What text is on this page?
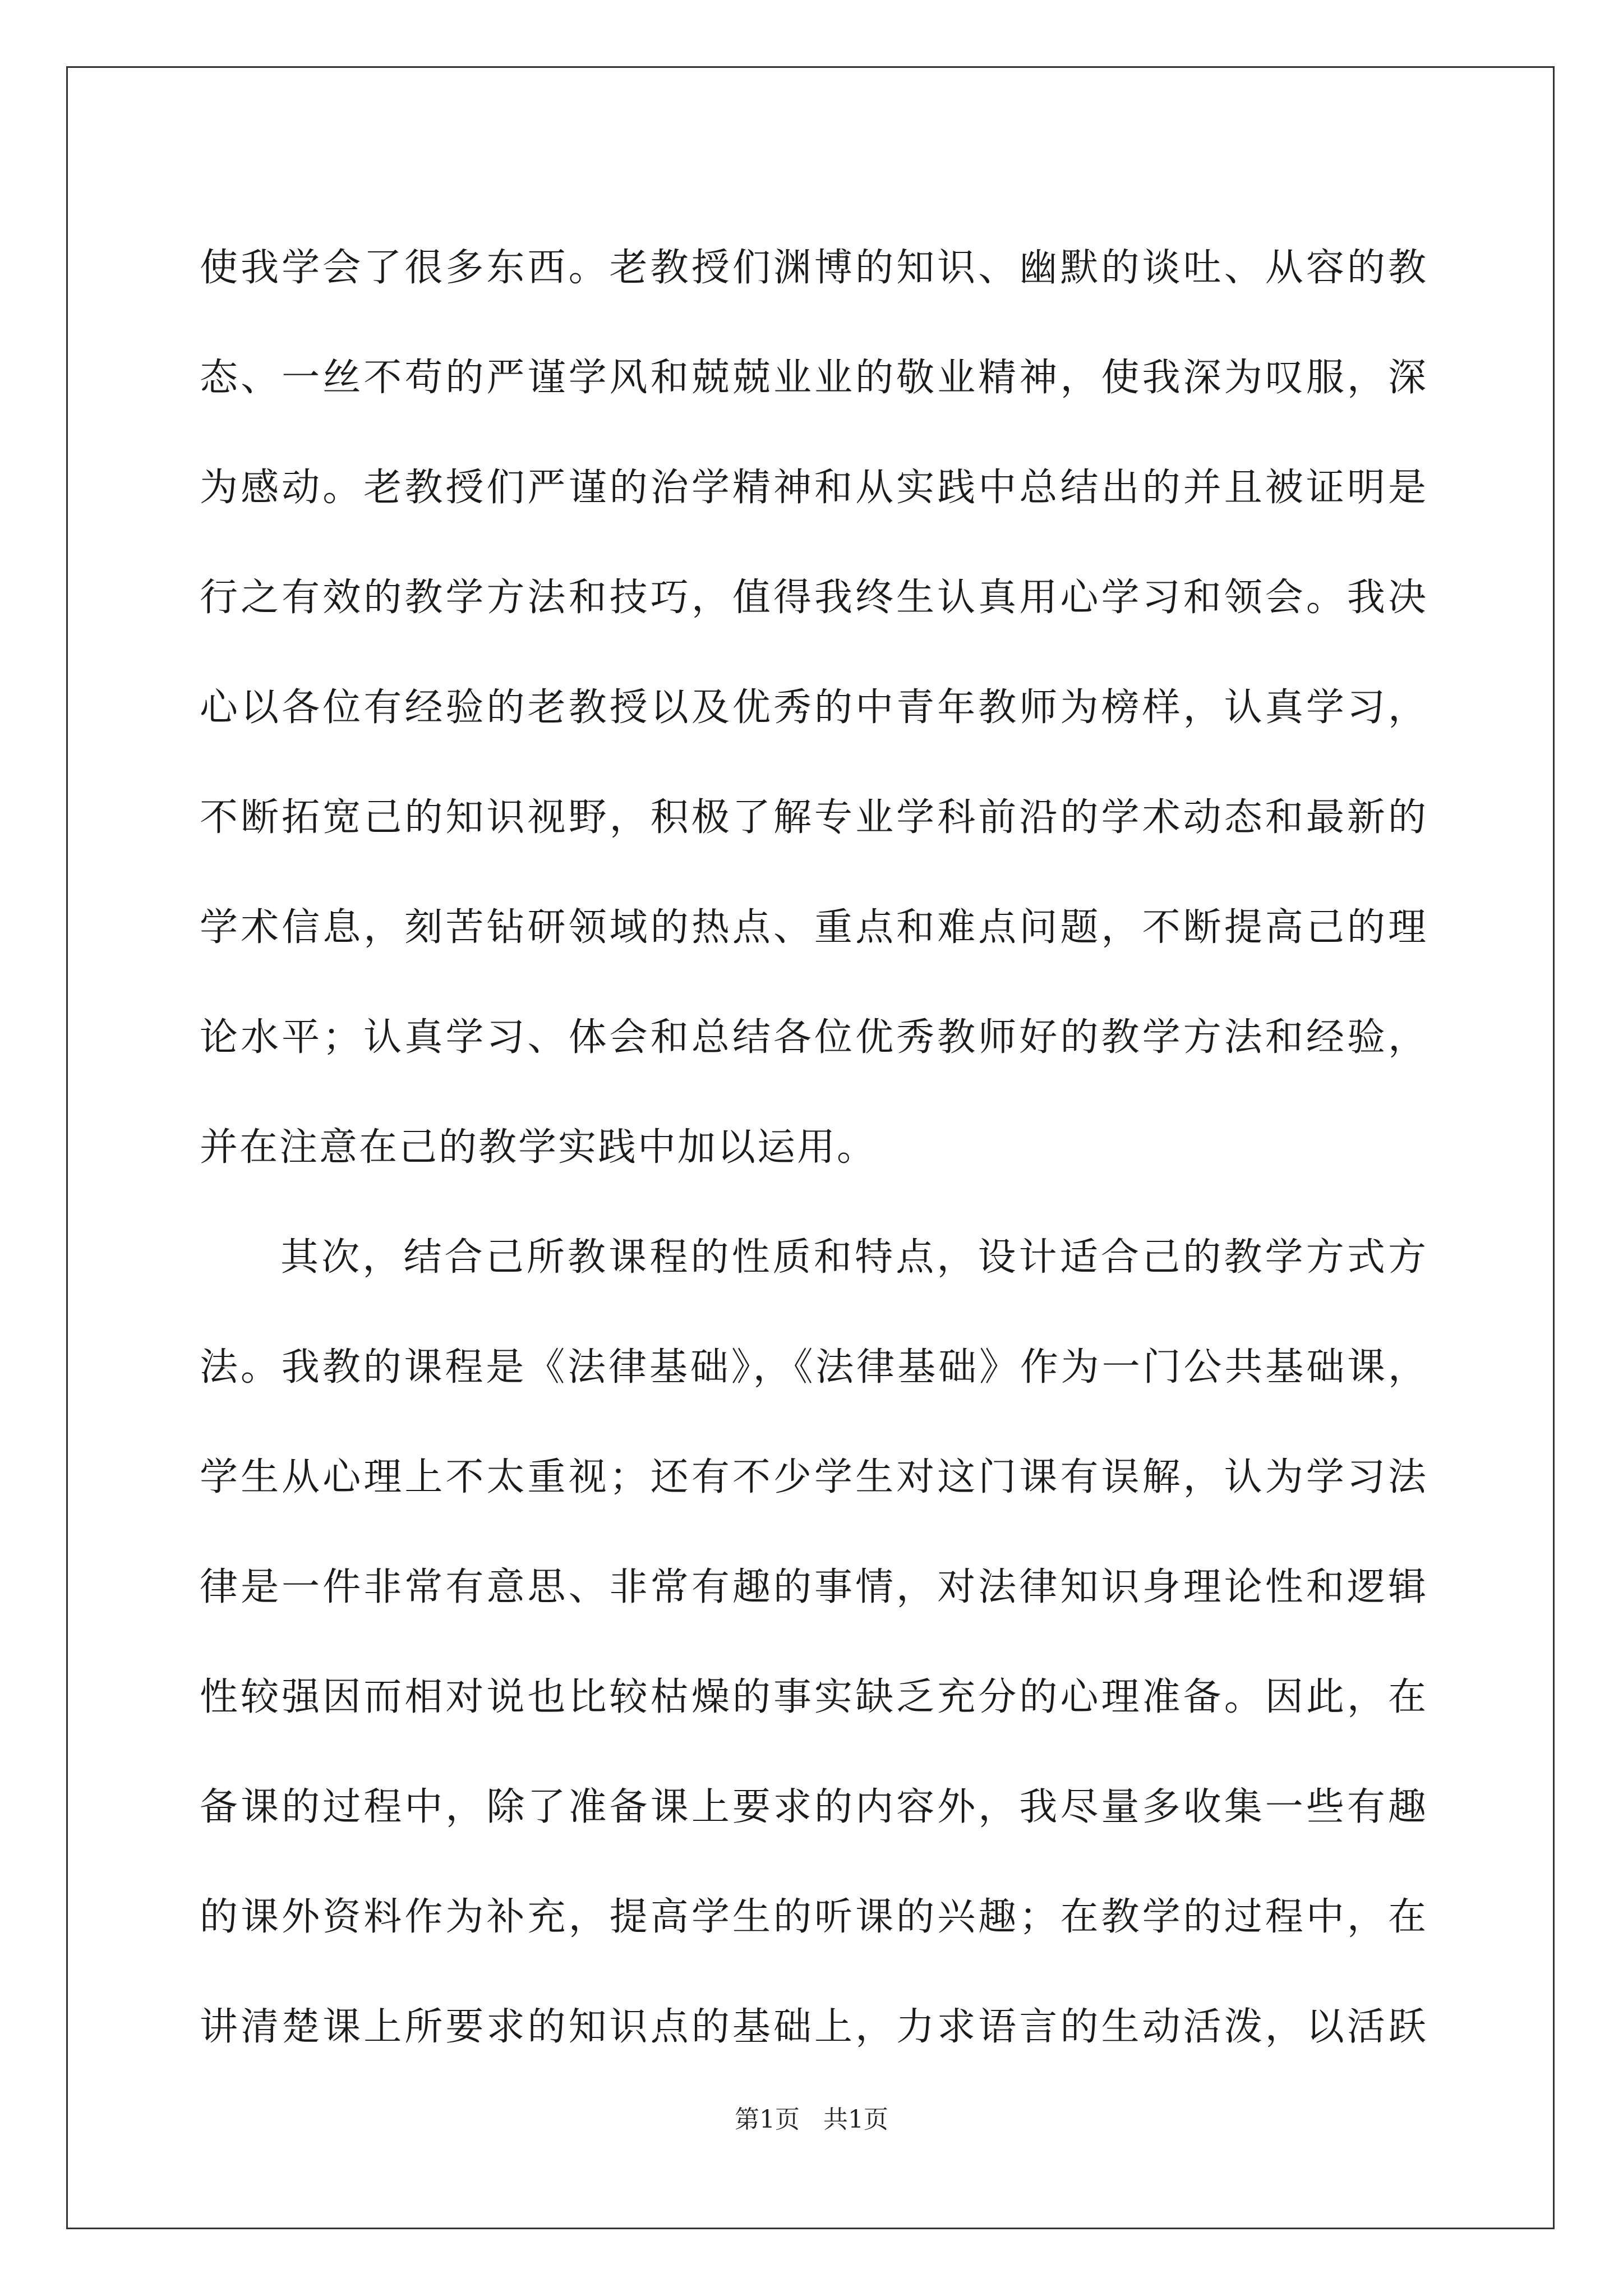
使我学会了很多东西。老教授们渊博的知识、幽默的谈吐、从容的教
态、一丝不苟的严谨学风和兢兢业业的敬业精神，使我深为叹服，深
为感动。老教授们严谨的治学精神和从实践中总结出的并且被证明是
行之有效的教学方法和技巧，值得我终生认真用心学习和领会。我决
心以各位有经验的老教授以及优秀的中青年教师为榜样，认真学习，
不断拓宽己的知识视野，积极了解专业学科前沿的学术动态和最新的
学术信息，刻苦钻研领域的热点、重点和难点问题，不断提高己的理
论水平；认真学习、体会和总结各位优秀教师好的教学方法和经验，
并在注意在己的教学实践中加以运用。
其次，结合己所教课程的性质和特点，设计适合己的教学方式方
法。我教的课程是《法律基础》，《法律基础》作为一门公共基础课，
学生从心理上不太重视；还有不少学生对这门课有误解，认为学习法
律是一件非常有意思、非常有趣的事情，对法律知识身理论性和逻辑
性较强因而相对说也比较枯燥的事实缺乏充分的心理准备。因此，在
备课的过程中，除了准备课上要求的内容外，我尽量多收集一些有趣
的课外资料作为补充，提高学生的听课的兴趣；在教学的过程中，在
讲清楚课上所要求的知识点的基础上，力求语言的生动活泼，以活跃
第1页 共1页
